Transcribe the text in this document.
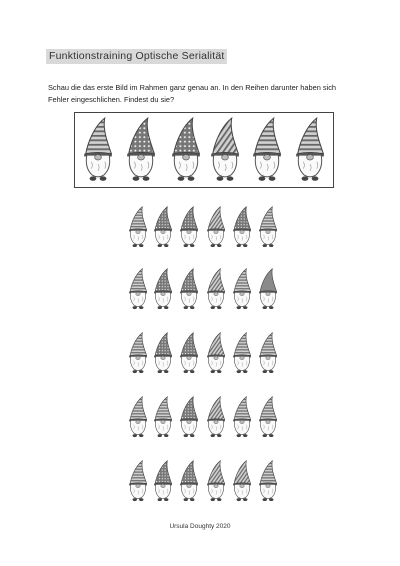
Funktionstraining Optische Serialität
Schau die das erste Bild im Rahmen ganz genau an. In den Reihen darunter haben sich Fehler eingeschlichen. Findest du sie?
Ursula Doughty 2020
